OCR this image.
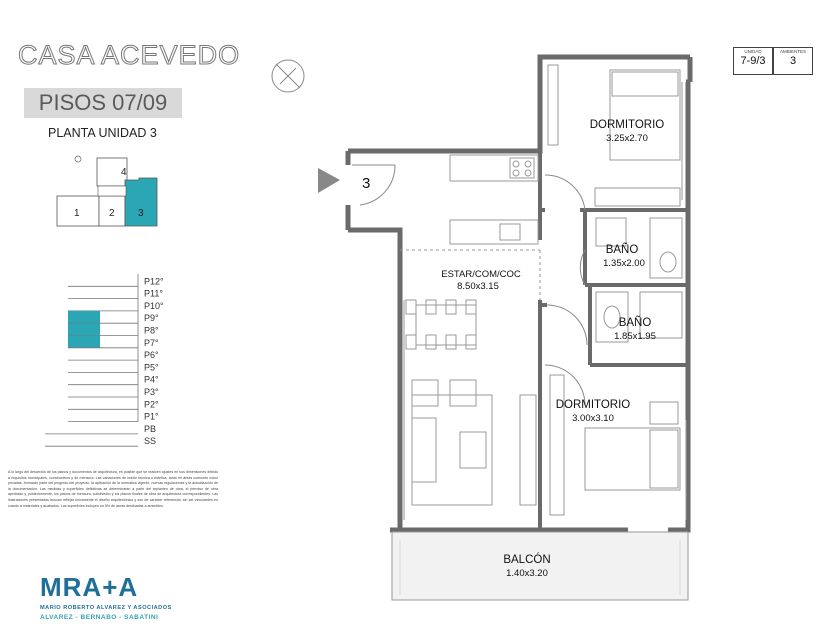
CASA ACEVEDO
PISOS 07/09
PLANTA UNIDAD 3
4
1	2 3
P12°
P11°
P10°
P9°
P8°
P7°
P6°
P5°
P4°
P3°
P2°
P1°
PB
SS
UNIDAD
7-9/3
AMBIENTES
3
3
DORMITORIO
3.25x2.70
BAÑO
1.35x2.00
ESTAR/COM/COC
8.50x3.15
BAÑO
1.85x1.95
DORMITORIO
3.00x3.10
BALCÓN
1.40x3.20
A lo largo del desarrollo de los planos y documentos de arquitectura, es posible que se realicen ajustes en sus dimensiones debido a requisitos municipales, constructivos y de mensura. Las variaciones de índole técnica o estética, tanto en áreas comunes como privadas, formarán parte del progreso del proyecto, la aplicación de la normativa vigente, nuevas regulaciones y la actualización de la documentación. Las medidas y superficies definitivas se determinarán a partir del replanteo de obra, el permiso de obra aprobado y, posteriormente, los planos de mensura, subdivisión y los planos finales de obra de arquitectura correspondientes. Las ilustraciones presentadas buscan reflejar únicamente el diseño arquitectónico y son de carácter referencial, sin ser vinculantes en cuanto a materiales y acabados. Las superficies incluyen un 5% de áreas destinadas a amenities.
MRA+A
MARIO ROBERTO ALVAREZ Y ASOCIADOS
ALVAREZ - BERNABO - SABATINI
